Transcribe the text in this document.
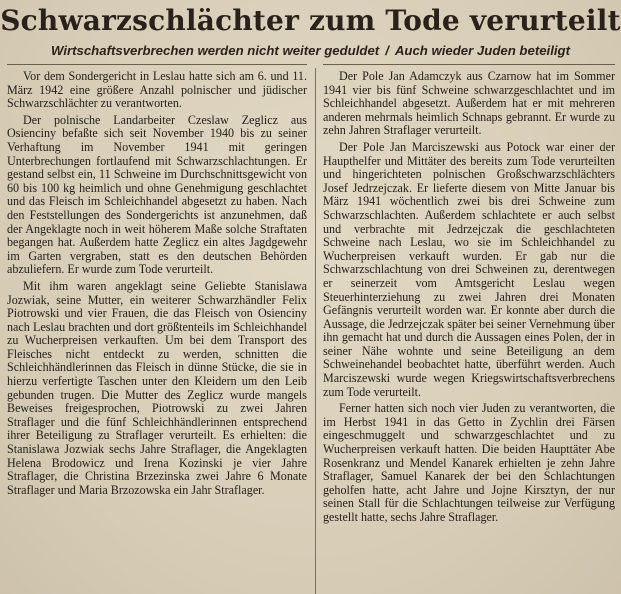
Schwarzschlächter zum Tode verurteilt
Wirtschaftsverbrechen werden nicht weiter geduldet / Auch wieder Juden beteiligt

Vor dem Sondergericht in Leslau hatte sich am 6. und 11. März 1942 eine größere Anzahl polnischer und jüdischer Schwarzschlächter zu verantworten.

Der polnische Landarbeiter Czeslaw Zeglicz aus Osienciny befaßte sich seit November 1940 bis zu seiner Verhaftung im November 1941 mit geringen Unterbrechungen fortlaufend mit Schwarzschlachtungen. Er gestand selbst ein, 11 Schweine im Durchschnittsgewicht von 60 bis 100 kg heimlich und ohne Genehmigung geschlachtet und das Fleisch im Schleichhandel abgesetzt zu haben. Nach den Feststellungen des Sondergerichts ist anzunehmen, daß der Angeklagte noch in weit höherem Maße solche Straftaten begangen hat. Außerdem hatte Zeglicz ein altes Jagdgewehr im Garten vergraben, statt es den deutschen Behörden abzuliefern. Er wurde zum Tode verurteilt.

Mit ihm waren angeklagt seine Geliebte Stanislawa Jozwiak, seine Mutter, ein weiterer Schwarzhändler Felix Piotrowski und vier Frauen, die das Fleisch von Osienciny nach Leslau brachten und dort größtenteils im Schleichhandel zu Wucherpreisen verkauften. Um bei dem Transport des Fleisches nicht entdeckt zu werden, schnitten die Schleichhändlerinnen das Fleisch in dünne Stücke, die sie in hierzu verfertigte Taschen unter den Kleidern um den Leib gebunden trugen. Die Mutter des Zeglicz wurde mangels Beweises freigesprochen, Piotrowski zu zwei Jahren Straflager und die fünf Schleichhändlerinnen entsprechend ihrer Beteiligung zu Straflager verurteilt. Es erhielten: die Stanislawa Jozwiak sechs Jahre Straflager, die Angeklagten Helena Brodowicz und Irena Kozinski je vier Jahre Straflager, die Christina Brzezinska zwei Jahre 6 Monate Straflager und Maria Brzozowska ein Jahr Straflager.

Der Pole Jan Adamczyk aus Czarnow hat im Sommer 1941 vier bis fünf Schweine schwarzgeschlachtet und im Schleichhandel abgesetzt. Außerdem hat er mit mehreren anderen mehrmals heimlich Schnaps gebrannt. Er wurde zu zehn Jahren Straflager verurteilt.

Der Pole Jan Marciszewski aus Potock war einer der Haupthelfer und Mittäter des bereits zum Tode verurteilten und hingerichteten polnischen Großschwarzschlächters Josef Jedrzejczak. Er lieferte diesem von Mitte Januar bis März 1941 wöchentlich zwei bis drei Schweine zum Schwarzschlachten. Außerdem schlachtete er auch selbst und verbrachte mit Jedrzejczak die geschlachteten Schweine nach Leslau, wo sie im Schleichhandel zu Wucherpreisen verkauft wurden. Er gab nur die Schwarzschlachtung von drei Schweinen zu, derentwegen er seinerzeit vom Amtsgericht Leslau wegen Steuerhinterziehung zu zwei Jahren drei Monaten Gefängnis verurteilt worden war. Er konnte aber durch die Aussage, die Jedrzejczak später bei seiner Vernehmung über ihn gemacht hat und durch die Aussagen eines Polen, der in seiner Nähe wohnte und seine Beteiligung an dem Schweinehandel beobachtet hatte, überführt werden. Auch Marciszewski wurde wegen Kriegswirtschaftsverbrechens zum Tode verurteilt.

Ferner hatten sich noch vier Juden zu verantworten, die im Herbst 1941 in das Getto in Zychlin drei Färsen eingeschmuggelt und schwarzgeschlachtet und zu Wucherpreisen verkauft hatten. Die beiden Haupttäter Abe Rosenkranz und Mendel Kanarek erhielten je zehn Jahre Straflager, Samuel Kanarek der bei den Schlachtungen geholfen hatte, acht Jahre und Jojne Kirsztyn, der nur seinen Stall für die Schlachtungen teilweise zur Verfügung gestellt hatte, sechs Jahre Straflager.
